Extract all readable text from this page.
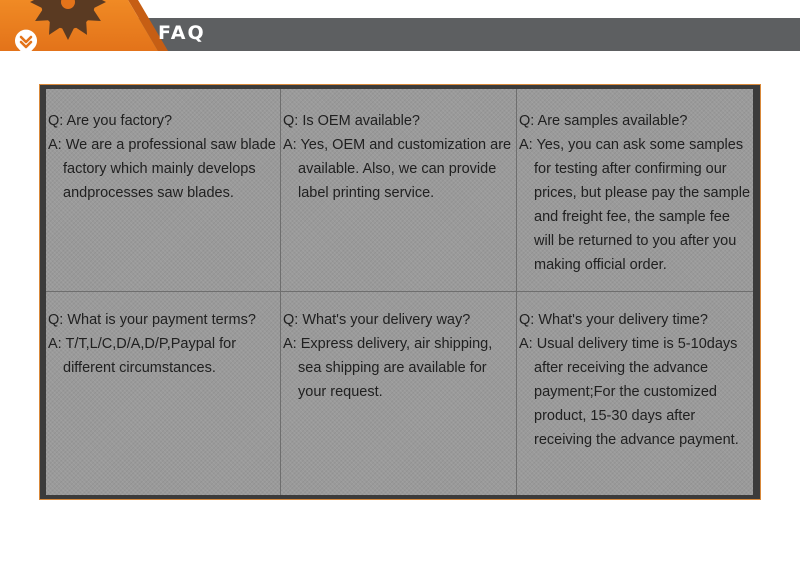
FAQ
Q: Are you factory?
A: We are a professional saw blade factory which mainly develops andprocesses saw blades.
Q: Is OEM available?
A: Yes, OEM and customization are available. Also, we can provide label printing service.
Q: Are samples available?
A: Yes, you can ask some samples for testing after confirming our prices, but please pay the sample and freight fee, the sample fee will be returned to you after you making official order.
Q: What is your payment terms?
A: T/T,L/C,D/A,D/P,Paypal for different circumstances.
Q: What's your delivery way?
A: Express delivery, air shipping, sea shipping are available for your request.
Q: What's your delivery time?
A: Usual delivery time is 5-10days after receiving the advance payment;For the customized product, 15-30 days after receiving the advance payment.
